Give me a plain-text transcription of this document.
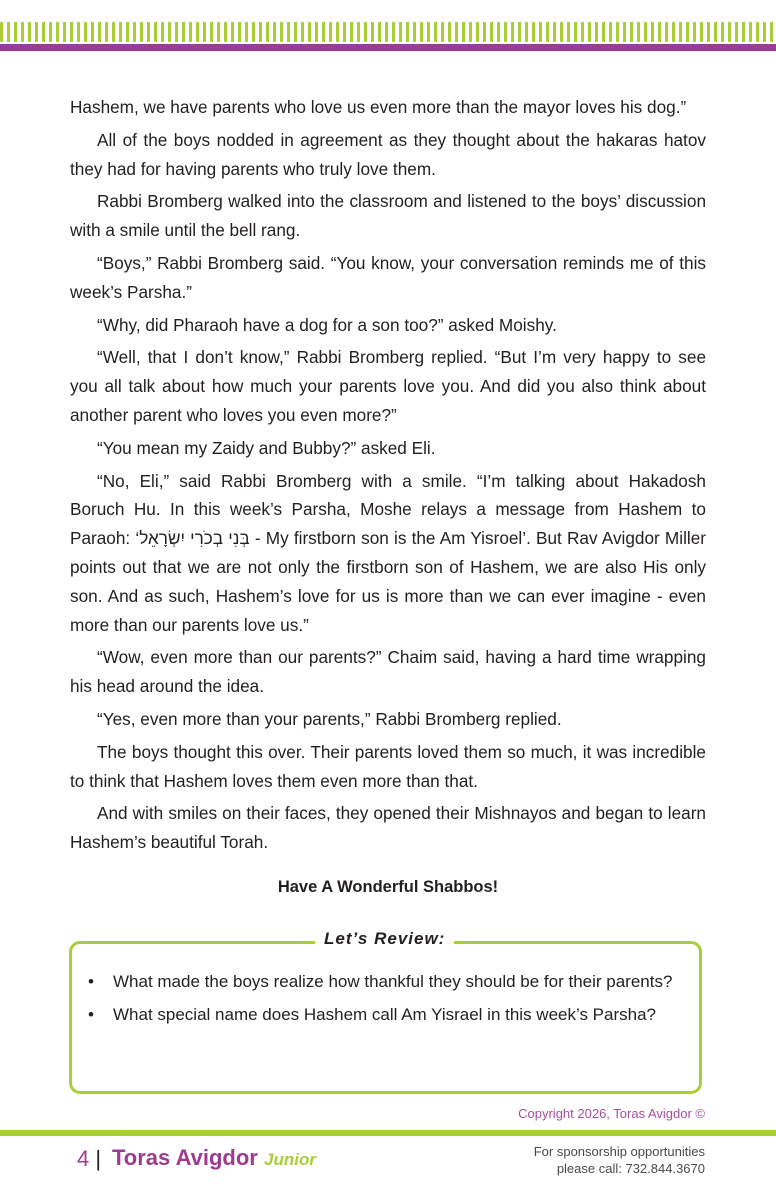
Hashem, we have parents who love us even more than the mayor loves his dog.”

All of the boys nodded in agreement as they thought about the hakaras hatov they had for having parents who truly love them.

Rabbi Bromberg walked into the classroom and listened to the boys’ discussion with a smile until the bell rang.

“Boys,” Rabbi Bromberg said. “You know, your conversation reminds me of this week’s Parsha.”

“Why, did Pharaoh have a dog for a son too?” asked Moishy.

“Well, that I don’t know,” Rabbi Bromberg replied. “But I’m very happy to see you all talk about how much your parents love you. And did you also think about another parent who loves you even more?”

“You mean my Zaidy and Bubby?” asked Eli.

“No, Eli,” said Rabbi Bromberg with a smile. “I’m talking about Hakadosh Boruch Hu. In this week’s Parsha, Moshe relays a message from Hashem to Paraoh: ‘בְּנִי בְכֹרִי יִשְׂרָאֵל - My firstborn son is the Am Yisroel’. But Rav Avigdor Miller points out that we are not only the firstborn son of Hashem, we are also His only son. And as such, Hashem’s love for us is more than we can ever imagine - even more than our parents love us.”

“Wow, even more than our parents?” Chaim said, having a hard time wrapping his head around the idea.

“Yes, even more than your parents,” Rabbi Bromberg replied.

The boys thought this over. Their parents loved them so much, it was incredible to think that Hashem loves them even more than that.

And with smiles on their faces, they opened their Mishnayos and began to learn Hashem’s beautiful Torah.

Have A Wonderful Shabbos!
• What made the boys realize how thankful they should be for their parents?
• What special name does Hashem call Am Yisrael in this week’s Parsha?
Let’s Review:
Copyright 2026, Toras Avigdor ©
4 | Toras Avigdor Junior	For sponsorship opportunities
please call: 732.844.3670
